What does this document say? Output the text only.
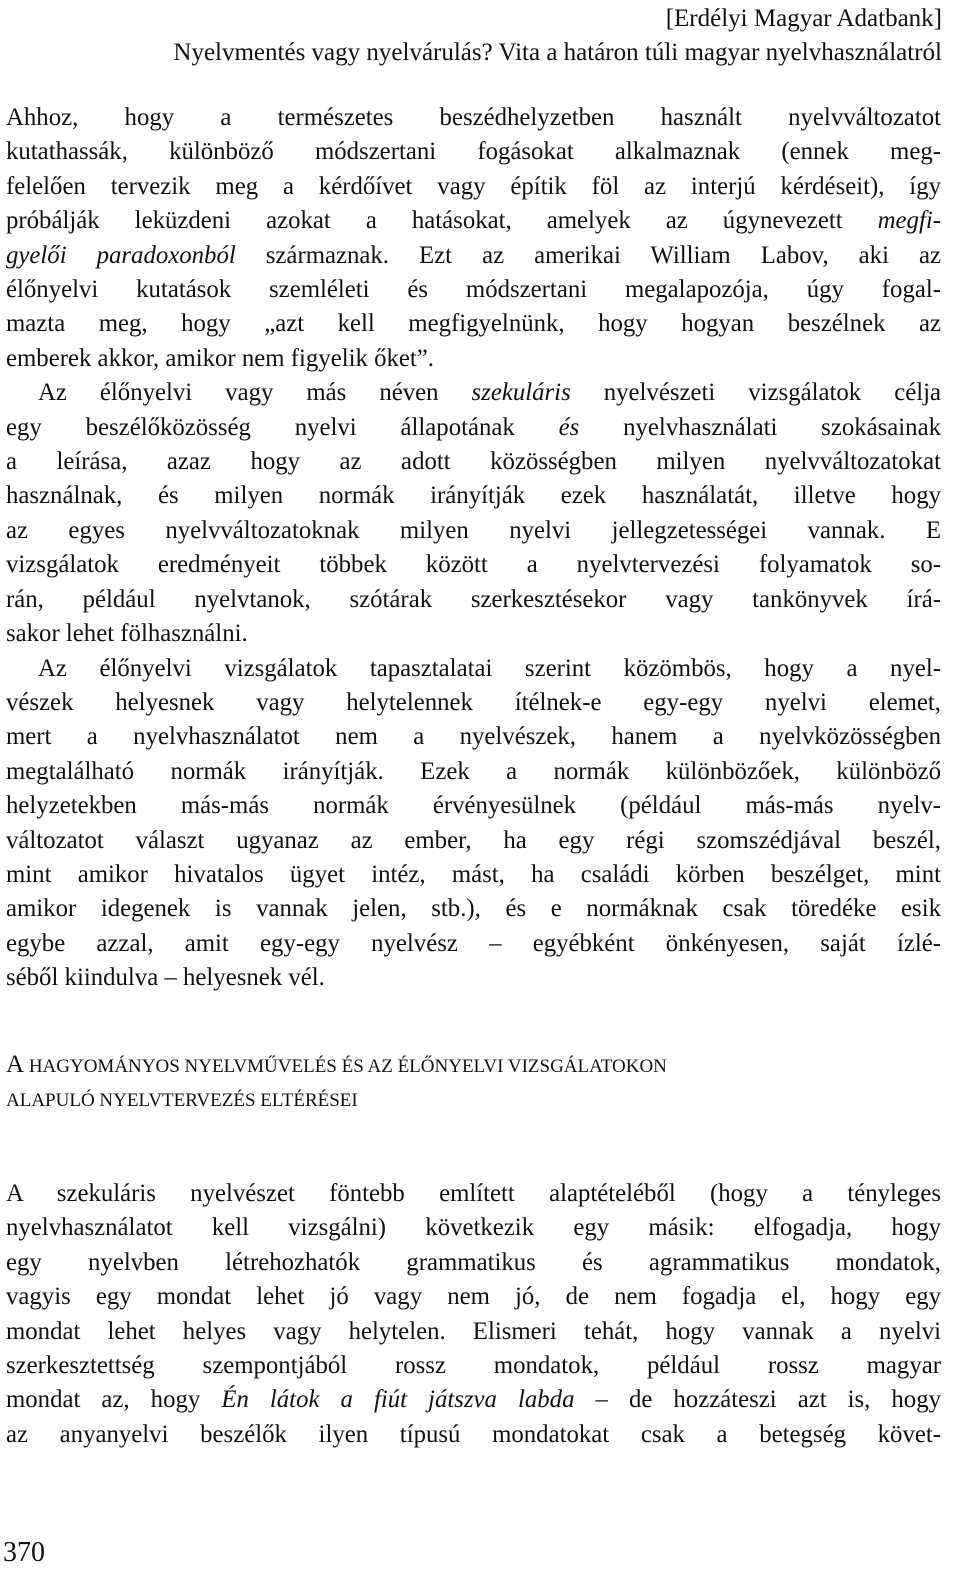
[Erdélyi Magyar Adatbank]
Nyelvmentés vagy nyelvárulás? Vita a határon túli magyar nyelvhasználatról
Ahhoz, hogy a természetes beszédhelyzetben használt nyelvváltozatot
kutathassák, különböző módszertani fogásokat alkalmaznak (ennek meg-
felelően tervezik meg a kérdőívet vagy építik föl az interjú kérdéseit), így
próbálják leküzdeni azokat a hatásokat, amelyek az úgynevezett megfi-
gyelői paradoxonból származnak. Ezt az amerikai William Labov, aki az
élőnyelvi kutatások szemléleti és módszertani megalapozója, úgy fogal-
mazta meg, hogy „azt kell megfigyelnünk, hogy hogyan beszélnek az
emberek akkor, amikor nem figyelik őket”.
Az élőnyelvi vagy más néven szekuláris nyelvészeti vizsgálatok célja
egy beszélőközösség nyelvi állapotának és nyelvhasználati szokásainak
a leírása, azaz hogy az adott közösségben milyen nyelvváltozatokat
használnak, és milyen normák irányítják ezek használatát, illetve hogy
az egyes nyelvváltozatoknak milyen nyelvi jellegzetességei vannak. E
vizsgálatok eredményeit többek között a nyelvtervezési folyamatok so-
rán, például nyelvtanok, szótárak szerkesztésekor vagy tankönyvek írá-
sakor lehet fölhasználni.
Az élőnyelvi vizsgálatok tapasztalatai szerint közömbös, hogy a nyel-
vészek helyesnek vagy helytelennek ítélnek-e egy-egy nyelvi elemet,
mert a nyelvhasználatot nem a nyelvészek, hanem a nyelvközösségben
megtalálható normák irányítják. Ezek a normák különbözőek, különböző
helyzetekben más-más normák érvényesülnek (például más-más nyelv-
változatot választ ugyanaz az ember, ha egy régi szomszédjával beszél,
mint amikor hivatalos ügyet intéz, mást, ha családi körben beszélget, mint
amikor idegenek is vannak jelen, stb.), és e normáknak csak töredéke esik
egybe azzal, amit egy-egy nyelvész – egyébként önkényesen, saját ízlé-
séből kiindulva – helyesnek vél.
A HAGYOMÁNYOS NYELVMŰVELÉS ÉS AZ ÉLŐNYELVI VIZSGÁLATOKON
ALAPULÓ NYELVTERVEZÉS ELTÉRÉSEI
A szekuláris nyelvészet föntebb említett alaptételéből (hogy a tényleges
nyelvhasználatot kell vizsgálni) következik egy másik: elfogadja, hogy
egy nyelvben létrehozhatók grammatikus és agrammatikus mondatok,
vagyis egy mondat lehet jó vagy nem jó, de nem fogadja el, hogy egy
mondat lehet helyes vagy helytelen. Elismeri tehát, hogy vannak a nyelvi
szerkesztettség szempontjából rossz mondatok, például rossz magyar
mondat az, hogy Én látok a fiút játszva labda – de hozzáteszi azt is, hogy
az anyanyelvi beszélők ilyen típusú mondatokat csak a betegség követ-
370
